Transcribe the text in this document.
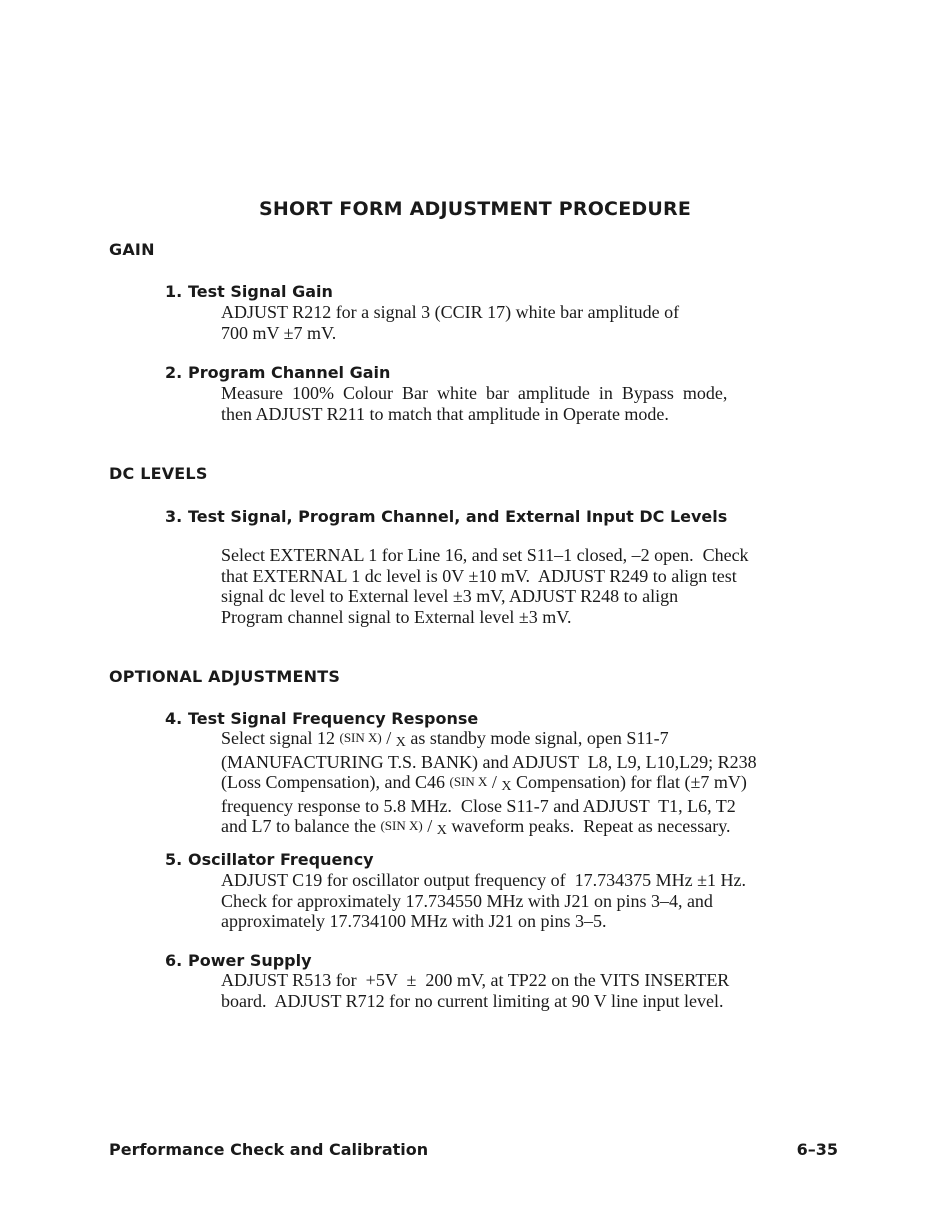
SHORT FORM ADJUSTMENT PROCEDURE
GAIN
1. Test Signal Gain
ADJUST R212 for a signal 3 (CCIR 17) white bar amplitude of
700 mV ±7 mV.
2. Program Channel Gain
Measure  100%  Colour  Bar  white  bar  amplitude  in  Bypass  mode,
then ADJUST R211 to match that amplitude in Operate mode.
DC LEVELS
3. Test Signal, Program Channel, and External Input DC Levels
Select EXTERNAL 1 for Line 16, and set S11–1 closed, –2 open.  Check
that EXTERNAL 1 dc level is 0V ±10 mV.  ADJUST R249 to align test
signal dc level to External level ±3 mV, ADJUST R248 to align
Program channel signal to External level ±3 mV.
OPTIONAL ADJUSTMENTS
4. Test Signal Frequency Response
Select signal 12 (SIN X) / X as standby mode signal, open S11-7
(MANUFACTURING T.S. BANK) and ADJUST  L8, L9, L10,L29; R238
(Loss Compensation), and C46 (SIN X / X Compensation) for flat (±7 mV)
frequency response to 5.8 MHz.  Close S11-7 and ADJUST  T1, L6, T2
and L7 to balance the (SIN X) / X waveform peaks.  Repeat as necessary.
5. Oscillator Frequency
ADJUST C19 for oscillator output frequency of  17.734375 MHz ±1 Hz.
Check for approximately 17.734550 MHz with J21 on pins 3–4, and
approximately 17.734100 MHz with J21 on pins 3–5.
6. Power Supply
ADJUST R513 for  +5V  ±  200 mV, at TP22 on the VITS INSERTER
board.  ADJUST R712 for no current limiting at 90 V line input level.
Performance Check and Calibration	6–35
